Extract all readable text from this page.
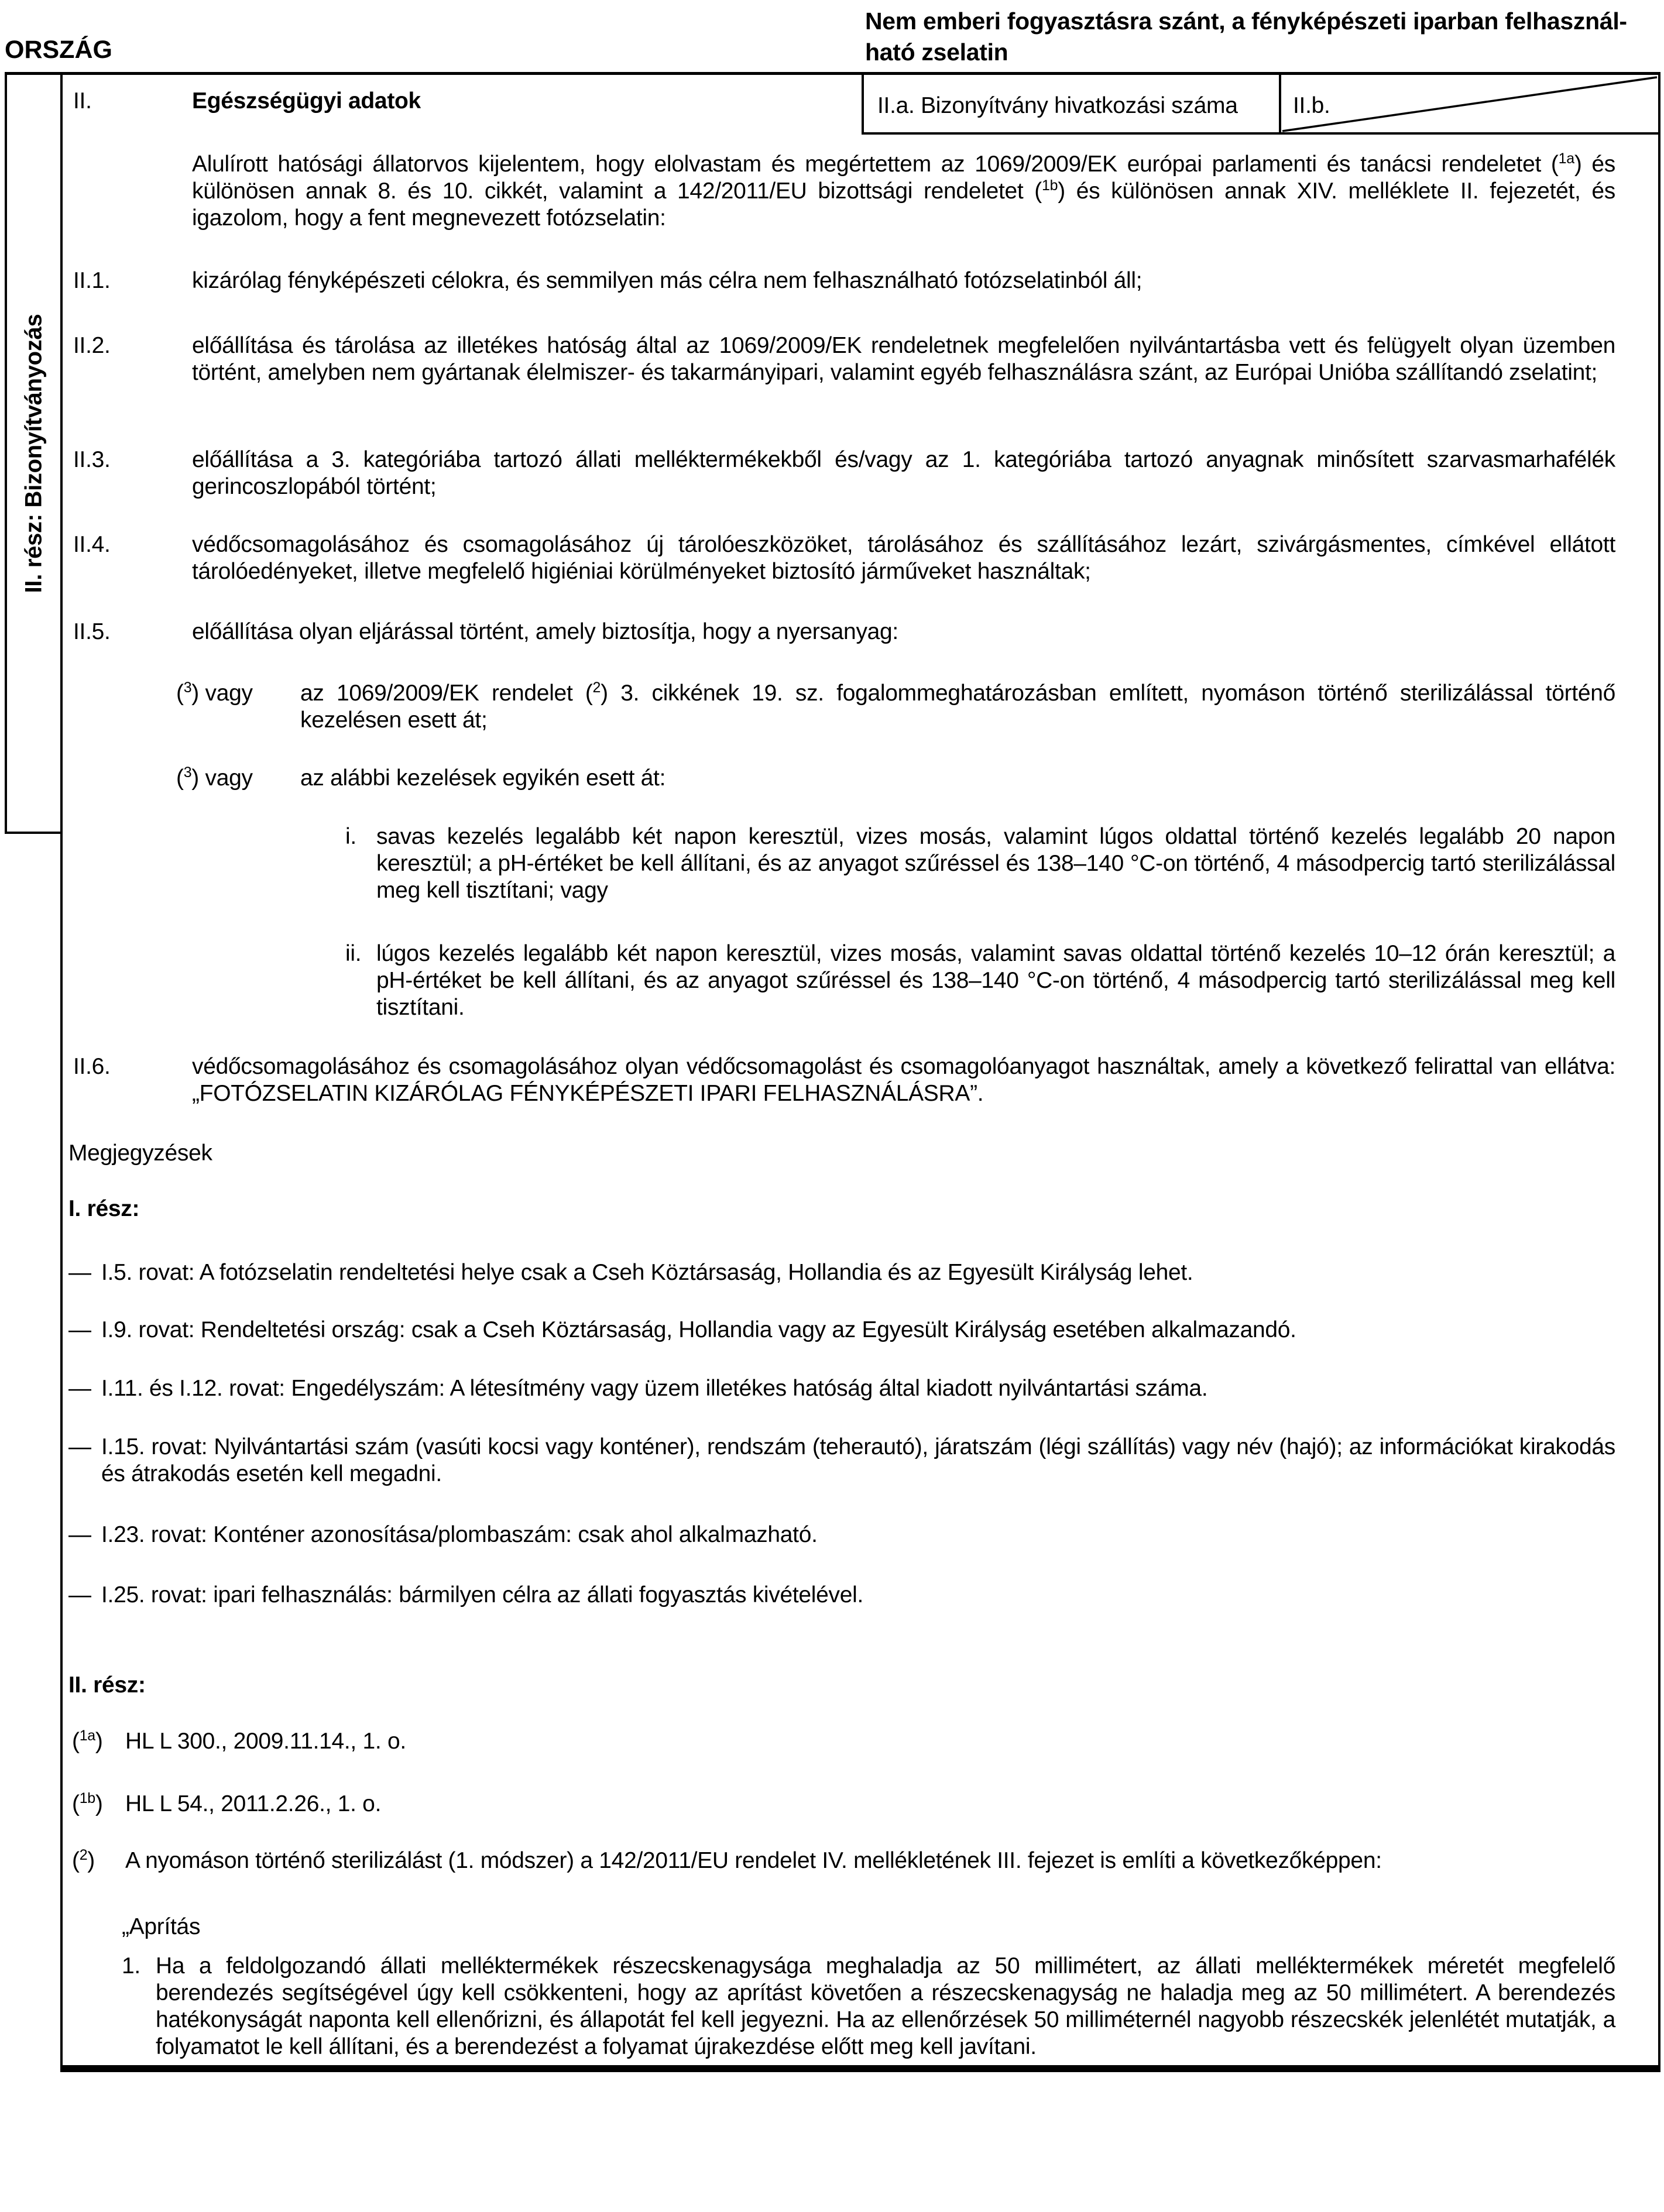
ORSZÁG
Nem emberi fogyasztásra szánt, a fényképészeti iparban felhasznál-
ható zselatin
II. rész: Bizonyítványozás
II.	Egészségügyi adatok	II.a. Bizonyítvány hivatkozási száma II.b.
Alulírott hatósági állatorvos kijelentem, hogy elolvastam és megértettem az 1069/2009/EK európai parlamenti és tanácsi rendeletet ($^{1a}$) és különösen annak 8. és 10. cikkét, valamint a 142/2011/EU bizottsági rendeletet ($^{1b}$) és különösen annak XIV. melléklete II. fejezetét, és igazolom, hogy a fent megnevezett fotózselatin:
II.1.	kizárólag fényképészeti célokra, és semmilyen más célra nem felhasználható fotózselatinból áll;
II.2.	előállítása és tárolása az illetékes hatóság által az 1069/2009/EK rendeletnek megfelelően nyilvántartásba vett és felügyelt olyan üzemben történt, amelyben nem gyártanak élelmiszer- és takarmányipari, valamint egyéb felhasználásra szánt, az Európai Unióba szállítandó zselatint;
II.3.	előállítása a 3. kategóriába tartozó állati melléktermékekből és/vagy az 1. kategóriába tartozó anyagnak minősített szarvasmarhafélék gerincoszlopából történt;
II.4.	védőcsomagolásához és csomagolásához új tárolóeszközöket, tárolásához és szállításához lezárt, szivárgásmentes, címkével ellátott tárolóedényeket, illetve megfelelő higiéniai körülményeket biztosító járműveket használtak;
II.5.	előállítása olyan eljárással történt, amely biztosítja, hogy a nyersanyag:
($^3$) vagy az 1069/2009/EK rendelet ($^2$) 3. cikkének 19. sz. fogalommeghatározásban említett, nyomáson történő sterilizálással történő kezelésen esett át;
($^3$) vagy az alábbi kezelések egyikén esett át:
i. savas kezelés legalább két napon keresztül, vizes mosás, valamint lúgos oldattal történő kezelés legalább 20 napon keresztül; a pH-értéket be kell állítani, és az anyagot szűréssel és 138–140 °C-on történő, 4 másodpercig tartó sterilizálással meg kell tisztítani; vagy
ii. lúgos kezelés legalább két napon keresztül, vizes mosás, valamint savas oldattal történő kezelés 10–12 órán keresztül; a pH-értéket be kell állítani, és az anyagot szűréssel és 138–140 °C-on történő, 4 másodpercig tartó sterilizálással meg kell tisztítani.
II.6.	védőcsomagolásához és csomagolásához olyan védőcsomagolást és csomagolóanyagot használtak, amely a következő felirattal van ellátva: „FOTÓZSELATIN KIZÁRÓLAG FÉNYKÉPÉSZETI IPARI FELHASZNÁLÁSRA”.
Megjegyzések
I. rész:
— I.5. rovat: A fotózselatin rendeltetési helye csak a Cseh Köztársaság, Hollandia és az Egyesült Királyság lehet.
— I.9. rovat: Rendeltetési ország: csak a Cseh Köztársaság, Hollandia vagy az Egyesült Királyság esetében alkalmazandó.
— I.11. és I.12. rovat: Engedélyszám: A létesítmény vagy üzem illetékes hatóság által kiadott nyilvántartási száma.
— I.15. rovat: Nyilvántartási szám (vasúti kocsi vagy konténer), rendszám (teherautó), járatszám (légi szállítás) vagy név (hajó); az információkat kirakodás és átrakodás esetén kell megadni.
— I.23. rovat: Konténer azonosítása/plombaszám: csak ahol alkalmazható.
— I.25. rovat: ipari felhasználás: bármilyen célra az állati fogyasztás kivételével.
II. rész:
($^{1a}$) HL L 300., 2009.11.14., 1. o.
($^{1b}$) HL L 54., 2011.2.26., 1. o.
($^2$) A nyomáson történő sterilizálást (1. módszer) a 142/2011/EU rendelet IV. mellékletének III. fejezet is említi a következőképpen:
„Aprítás
1. Ha a feldolgozandó állati melléktermékek részecskenagysága meghaladja az 50 millimétert, az állati melléktermékek méretét megfelelő berendezés segítségével úgy kell csökkenteni, hogy az aprítást követően a részecskenagyság ne haladja meg az 50 millimétert. A berendezés hatékonyságát naponta kell ellenőrizni, és állapotát fel kell jegyezni. Ha az ellenőrzések 50 milliméternél nagyobb részecskék jelenlétét mutatják, a folyamatot le kell állítani, és a berendezést a folyamat újrakezdése előtt meg kell javítani.
